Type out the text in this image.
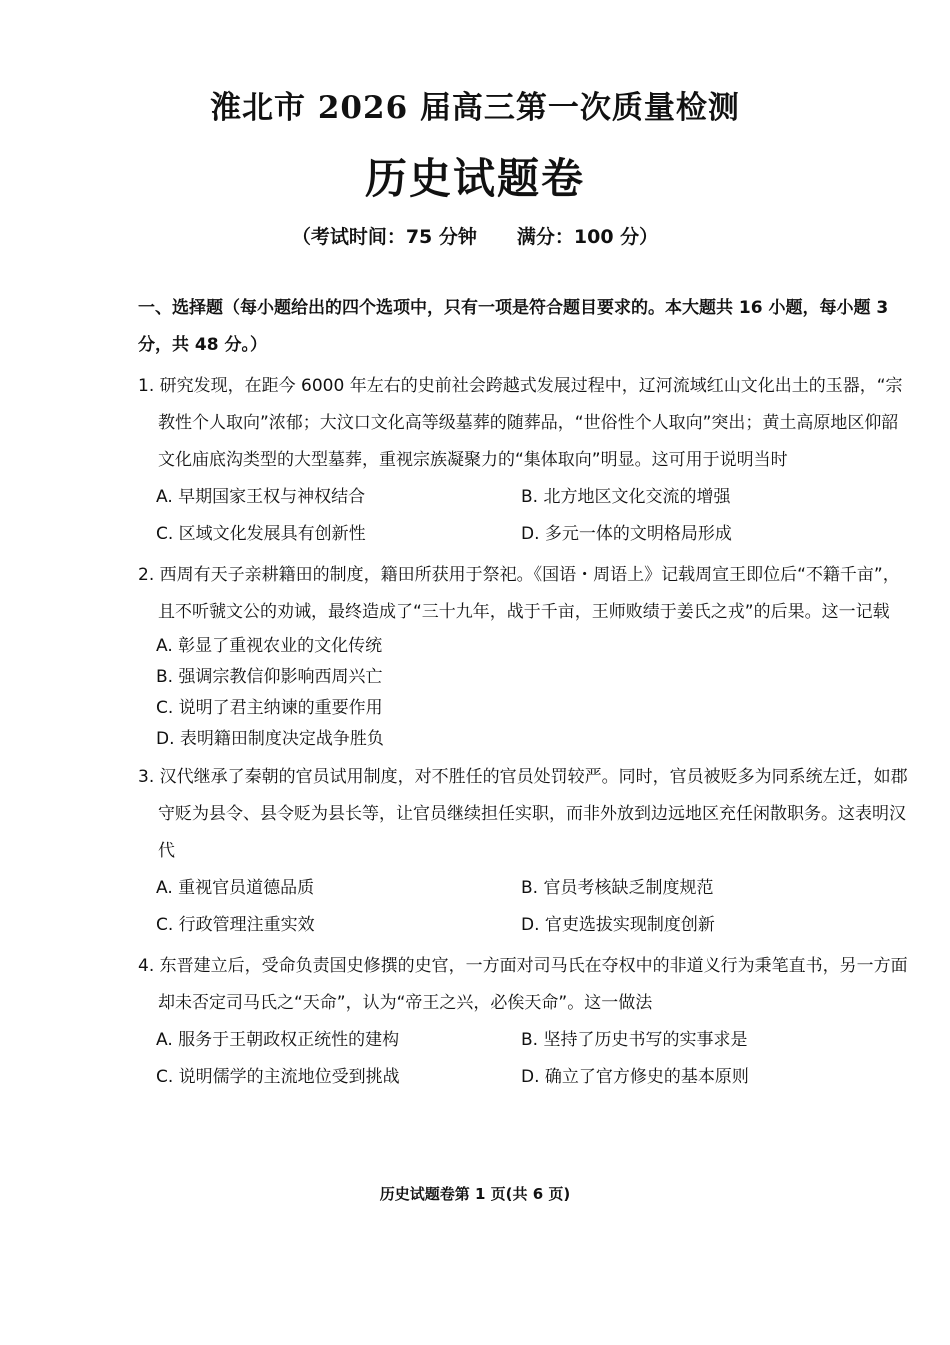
淮北市 2026 届高三第一次质量检测
历史试题卷
（考试时间：75 分钟 满分：100 分）

一、选择题（每小题给出的四个选项中，只有一项是符合题目要求的。本大题共 16 小题，每小题 3 分，共 48 分。）

1. 研究发现，在距今 6000 年左右的史前社会跨越式发展过程中，辽河流域红山文化出土的玉器，“宗教性个人取向”浓郁；大汶口文化高等级墓葬的随葬品，“世俗性个人取向”突出；黄土高原地区仰韶文化庙底沟类型的大型墓葬，重视宗族凝聚力的“集体取向”明显。这可用于说明当时

A. 早期国家王权与神权结合	B. 北方地区文化交流的增强
C. 区域文化发展具有创新性	D. 多元一体的文明格局形成

2. 西周有天子亲耕籍田的制度，籍田所获用于祭祀。《国语・周语上》记载周宣王即位后“不籍千亩”，且不听虢文公的劝诫，最终造成了“三十九年，战于千亩，王师败绩于姜氏之戎”的后果。这一记载

A. 彰显了重视农业的文化传统
B. 强调宗教信仰影响西周兴亡
C. 说明了君主纳谏的重要作用
D. 表明籍田制度决定战争胜负

3. 汉代继承了秦朝的官员试用制度，对不胜任的官员处罚较严。同时，官员被贬多为同系统左迁，如郡守贬为县令、县令贬为县长等，让官员继续担任实职，而非外放到边远地区充任闲散职务。这表明汉代

A. 重视官员道德品质	B. 官员考核缺乏制度规范
C. 行政管理注重实效	D. 官吏选拔实现制度创新

4. 东晋建立后，受命负责国史修撰的史官，一方面对司马氏在夺权中的非道义行为秉笔直书，另一方面却未否定司马氏之“天命”，认为“帝王之兴，必俟天命”。这一做法

A. 服务于王朝政权正统性的建构	B. 坚持了历史书写的实事求是
C. 说明儒学的主流地位受到挑战	D. 确立了官方修史的基本原则
历史试题卷第 1 页(共 6 页)
